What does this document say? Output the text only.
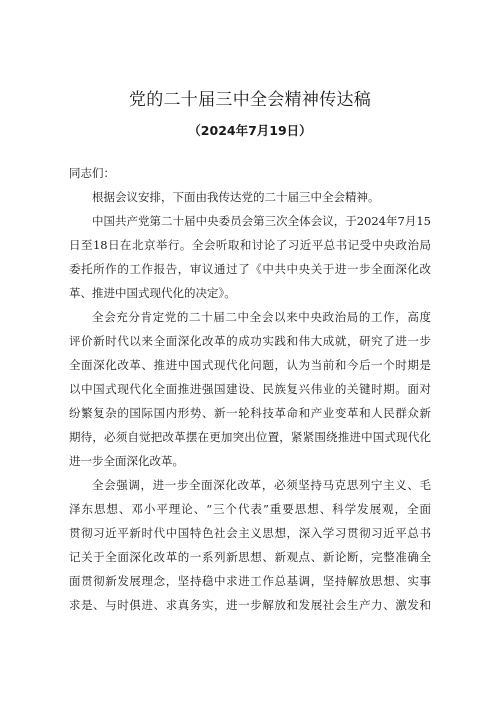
党的二十届三中全会精神传达稿
（2024年7月19日）
同志们：
根据会议安排，下面由我传达党的二十届三中全会精神。
中国共产党第二十届中央委员会第三次全体会议，于2024年7月15
日至18日在北京举行。全会听取和讨论了习近平总书记受中央政治局
委托所作的工作报告，审议通过了《中共中央关于进一步全面深化改
革、推进中国式现代化的决定》。
全会充分肯定党的二十届二中全会以来中央政治局的工作，高度
评价新时代以来全面深化改革的成功实践和伟大成就，研究了进一步
全面深化改革、推进中国式现代化问题，认为当前和今后一个时期是
以中国式现代化全面推进强国建设、民族复兴伟业的关键时期。面对
纷繁复杂的国际国内形势、新一轮科技革命和产业变革和人民群众新
期待，必须自觉把改革摆在更加突出位置，紧紧围绕推进中国式现代化
进一步全面深化改革。
全会强调，进一步全面深化改革，必须坚持马克思列宁主义、毛
泽东思想、邓小平理论、“三个代表”重要思想、科学发展观，全面
贯彻习近平新时代中国特色社会主义思想，深入学习贯彻习近平总书
记关于全面深化改革的一系列新思想、新观点、新论断，完整准确全
面贯彻新发展理念，坚持稳中求进工作总基调，坚持解放思想、实事
求是、与时俱进、求真务实，进一步解放和发展社会生产力、激发和
